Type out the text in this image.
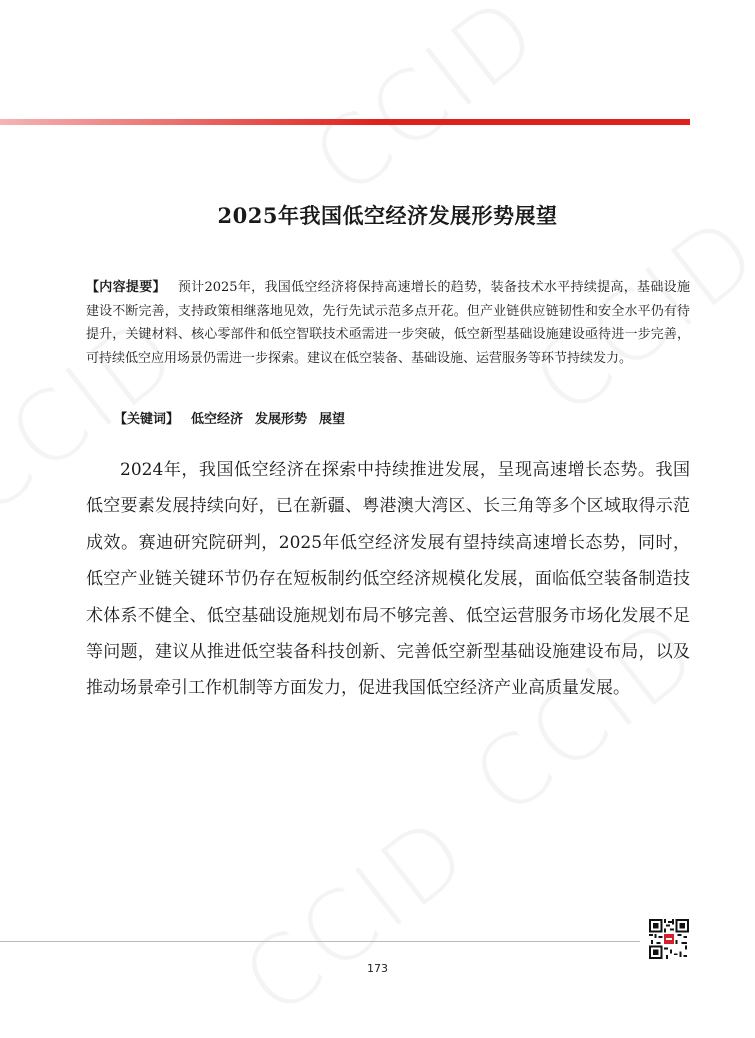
2025年我国低空经济发展形势展望
【内容提要】 预计2025年，我国低空经济将保持高速增长的趋势，装备技术水平持续提高，基础设施建设不断完善，支持政策相继落地见效，先行先试示范多点开花。但产业链供应链韧性和安全水平仍有待提升，关键材料、核心零部件和低空智联技术亟需进一步突破，低空新型基础设施建设亟待进一步完善，可持续低空应用场景仍需进一步探索。建议在低空装备、基础设施、运营服务等环节持续发力。
【关键词】 低空经济 发展形势 展望

2024年，我国低空经济在探索中持续推进发展，呈现高速增长态势。我国低空要素发展持续向好，已在新疆、粤港澳大湾区、长三角等多个区域取得示范成效。赛迪研究院研判，2025年低空经济发展有望持续高速增长态势，同时，低空产业链关键环节仍存在短板制约低空经济规模化发展，面临低空装备制造技术体系不健全、低空基础设施规划布局不够完善、低空运营服务市场化发展不足等问题，建议从推进低空装备科技创新、完善低空新型基础设施建设布局，以及推动场景牵引工作机制等方面发力，促进我国低空经济产业高质量发展。

173
